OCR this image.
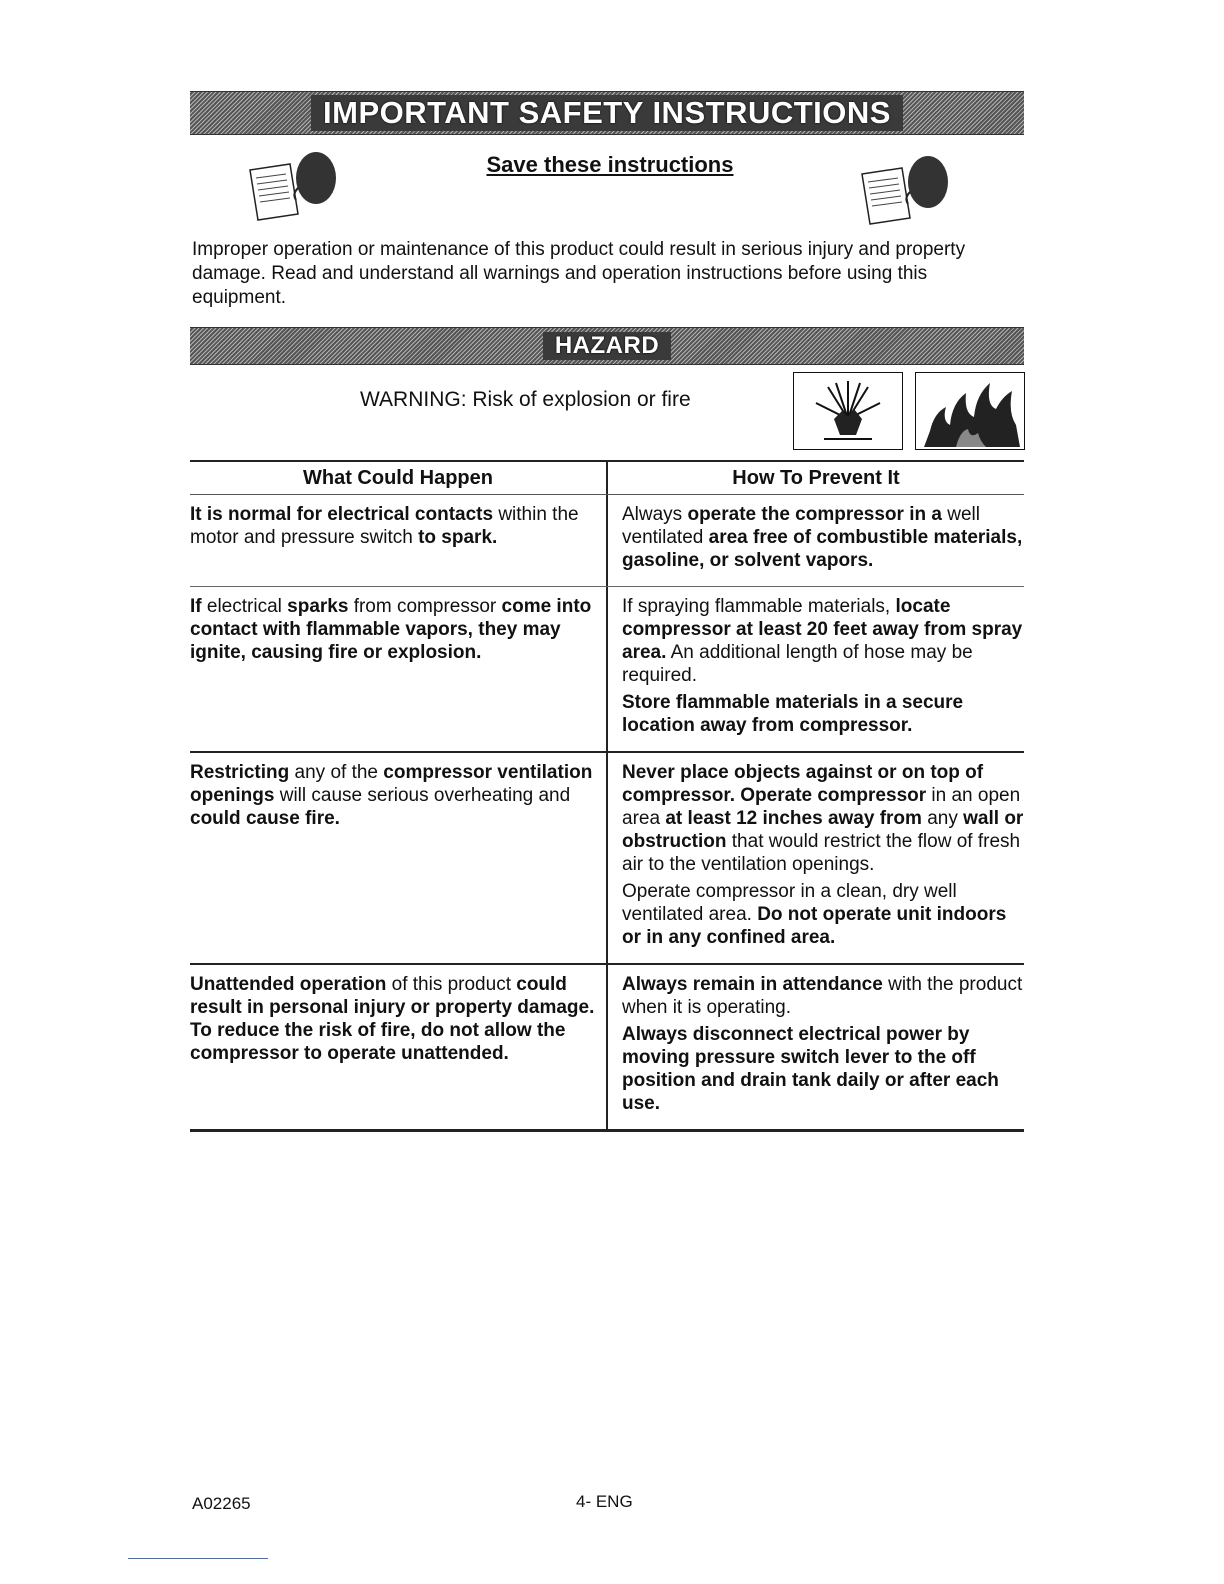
IMPORTANT SAFETY INSTRUCTIONS
Save these instructions
Improper operation or maintenance of this product could result in serious injury and property damage. Read and understand all warnings and operation instructions before using this equipment.
HAZARD
WARNING: Risk of explosion or fire
What Could Happen	How To Prevent It
It is normal for electrical contacts within the motor and pressure switch to spark.

Always operate the compressor in a well ventilated area free of combustible materials, gasoline, or solvent vapors.

If electrical sparks from compressor come into contact with flammable vapors, they may ignite, causing fire or explosion.

If spraying flammable materials, locate compressor at least 20 feet away from spray area. An additional length of hose may be required.

Store flammable materials in a secure location away from compressor.

Restricting any of the compressor ventilation openings will cause serious overheating and could cause fire.

Never place objects against or on top of compressor. Operate compressor in an open area at least 12 inches away from any wall or obstruction that would restrict the flow of fresh air to the ventilation openings.

Operate compressor in a clean, dry well ventilated area. Do not operate unit indoors or in any confined area.

Unattended operation of this product could result in personal injury or property damage. To reduce the risk of fire, do not allow the compressor to operate unattended.

Always remain in attendance with the product when it is operating.

Always disconnect electrical power by moving pressure switch lever to the off position and drain tank daily or after each use.

A02265	4- ENG
